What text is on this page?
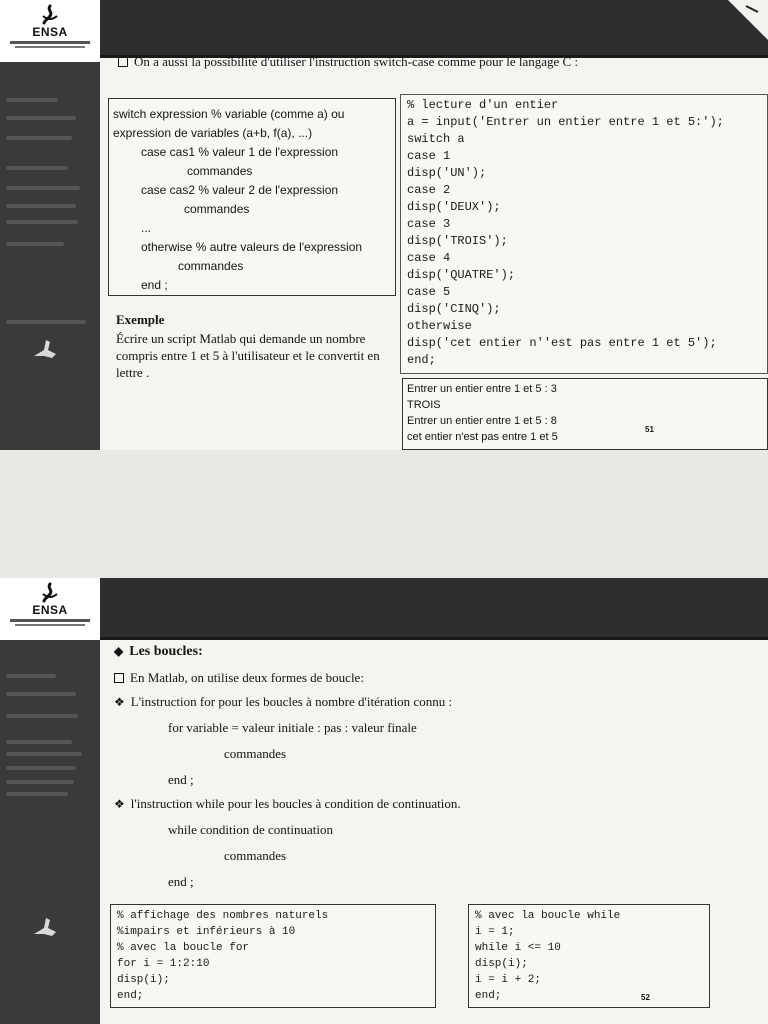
ENSA
On a aussi la possibilité d'utiliser l'instruction switch-case comme pour le langage C :
switch expression % variable (comme a) ou
expression de variables (a+b, f(a), ...)
case cas1 % valeur 1 de l'expression
commandes
case cas2 % valeur 2 de l'expression
commandes
...
otherwise % autre valeurs de l'expression
commandes
end ;
% lecture d'un entier
a = input('Entrer un entier entre 1 et 5:');
switch a
case 1
disp('UN');
case 2
disp('DEUX');
case 3
disp('TROIS');
case 4
disp('QUATRE');
case 5
disp('CINQ');
otherwise
disp('cet entier n''est pas entre 1 et 5');
end;
Exemple
Écrire un script Matlab qui demande un nombre compris entre 1 et 5 à l'utilisateur et le convertit en lettre .
Entrer un entier entre 1 et 5 : 3
TROIS
Entrer un entier entre 1 et 5 : 8
cet entier n'est pas entre 1 et 5
51
ENSA
◆ Les boucles:
En Matlab, on utilise deux formes de boucle:
❖ L'instruction for pour les boucles à nombre d'itération connu :
for variable = valeur initiale : pas : valeur finale
commandes
end ;
❖ l'instruction while pour les boucles à condition de continuation.
while condition de continuation
commandes
end ;
% affichage des nombres naturels
%impairs et inférieurs à 10
% avec la boucle for
for i = 1:2:10
disp(i);
end;
% avec la boucle while
i = 1;
while i <= 10
disp(i);
i = i + 2;
end;	52
